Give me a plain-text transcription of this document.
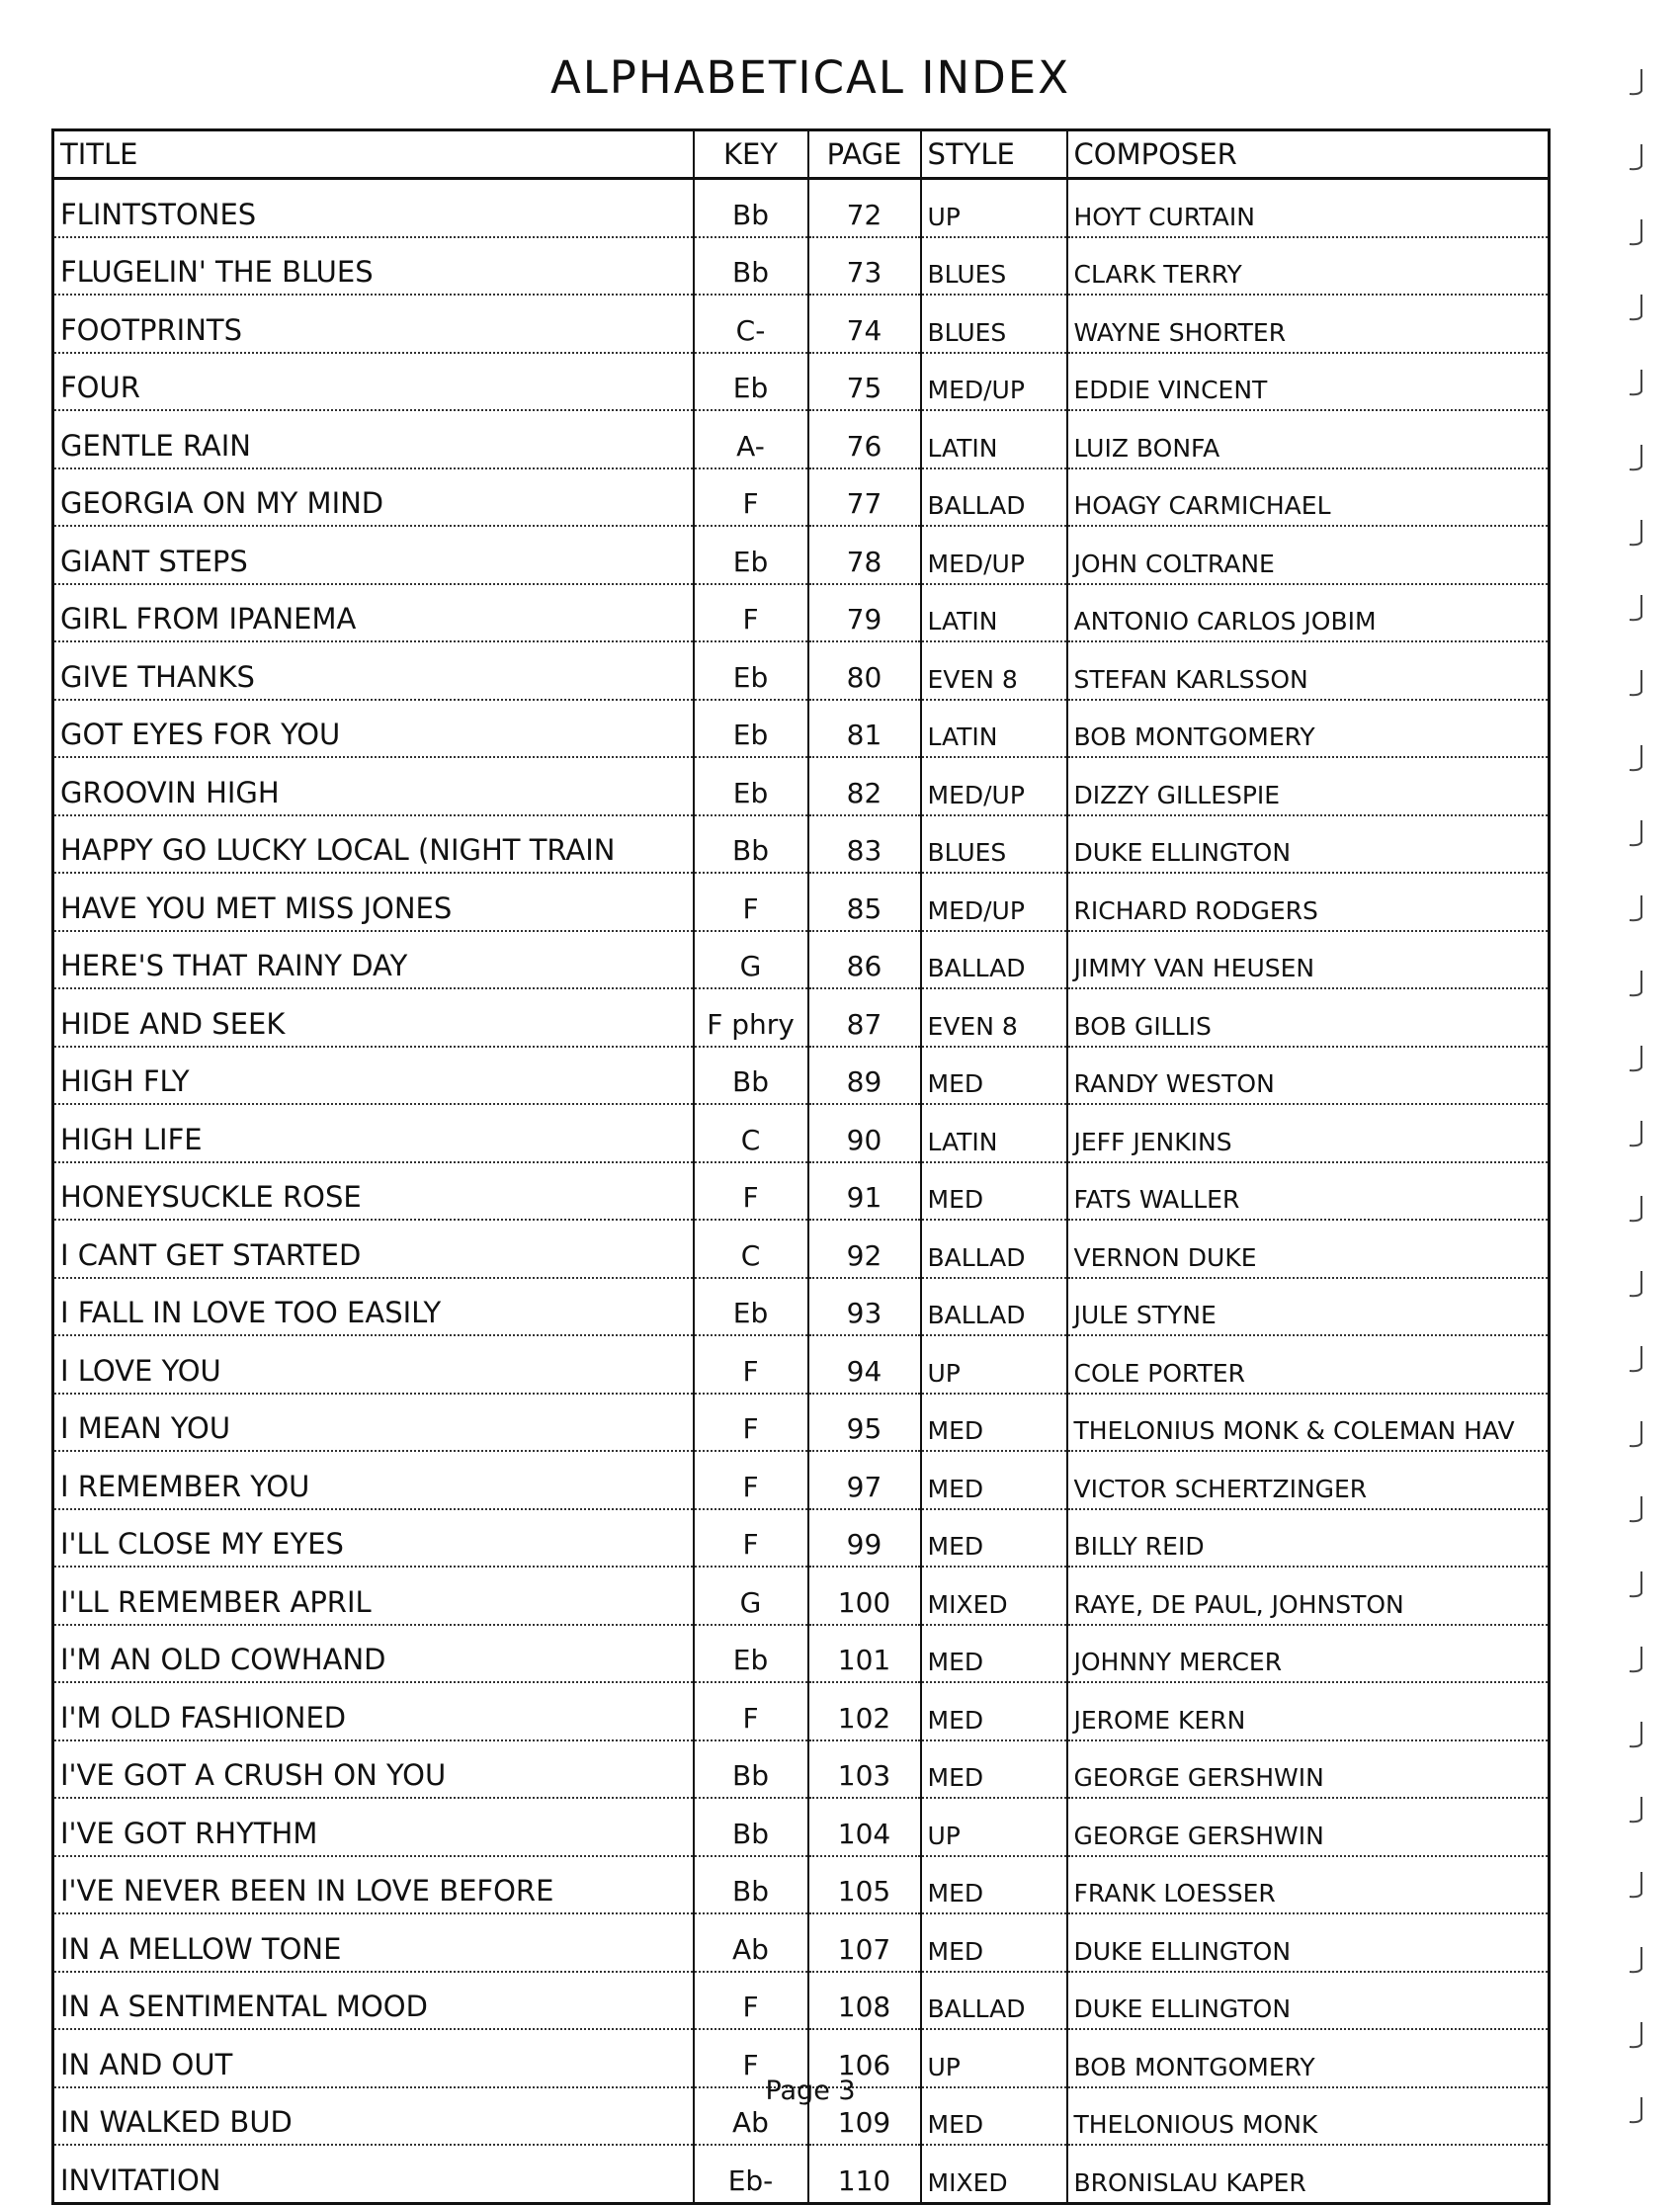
ALPHABETICAL INDEX
TITLE	KEY	PAGE	STYLE	COMPOSER
FLINTSTONES	Bb	72	UP	HOYT CURTAIN
FLUGELIN' THE BLUES	Bb	73	BLUES	CLARK TERRY
FOOTPRINTS	C-	74	BLUES	WAYNE SHORTER
FOUR	Eb	75	MED/UP	EDDIE VINCENT
GENTLE RAIN	A-	76	LATIN	LUIZ BONFA
GEORGIA ON MY MIND	F	77	BALLAD	HOAGY CARMICHAEL
GIANT STEPS	Eb	78	MED/UP	JOHN COLTRANE
GIRL FROM IPANEMA	F	79	LATIN	ANTONIO CARLOS JOBIM
GIVE THANKS	Eb	80	EVEN 8	STEFAN KARLSSON
GOT EYES FOR YOU	Eb	81	LATIN	BOB MONTGOMERY
GROOVIN HIGH	Eb	82	MED/UP	DIZZY GILLESPIE
HAPPY GO LUCKY LOCAL (NIGHT TRAIN	Bb	83	BLUES	DUKE ELLINGTON
HAVE YOU MET MISS JONES	F	85	MED/UP	RICHARD RODGERS
HERE'S THAT RAINY DAY	G	86	BALLAD	JIMMY VAN HEUSEN
HIDE AND SEEK	F phry	87	EVEN 8	BOB GILLIS
HIGH FLY	Bb	89	MED	RANDY WESTON
HIGH LIFE	C	90	LATIN	JEFF JENKINS
HONEYSUCKLE ROSE	F	91	MED	FATS WALLER
I CANT GET STARTED	C	92	BALLAD	VERNON DUKE
I FALL IN LOVE TOO EASILY	Eb	93	BALLAD	JULE STYNE
I LOVE YOU	F	94	UP	COLE PORTER
I MEAN YOU	F	95	MED	THELONIUS MONK & COLEMAN HAV
I REMEMBER YOU	F	97	MED	VICTOR SCHERTZINGER
I'LL CLOSE MY EYES	F	99	MED	BILLY REID
I'LL REMEMBER APRIL	G	100	MIXED	RAYE, DE PAUL, JOHNSTON
I'M AN OLD COWHAND	Eb	101	MED	JOHNNY MERCER
I'M OLD FASHIONED	F	102	MED	JEROME KERN
I'VE GOT A CRUSH ON YOU	Bb	103	MED	GEORGE GERSHWIN
I'VE GOT RHYTHM	Bb	104	UP	GEORGE GERSHWIN
I'VE NEVER BEEN IN LOVE BEFORE	Bb	105	MED	FRANK LOESSER
IN A MELLOW TONE	Ab	107	MED	DUKE ELLINGTON
IN A SENTIMENTAL MOOD	F	108	BALLAD	DUKE ELLINGTON
IN AND OUT	F	106	UP	BOB MONTGOMERY
IN WALKED BUD	Ab	109	MED	THELONIOUS MONK
INVITATION	Eb-	110	MIXED	BRONISLAU KAPER
Page 3
